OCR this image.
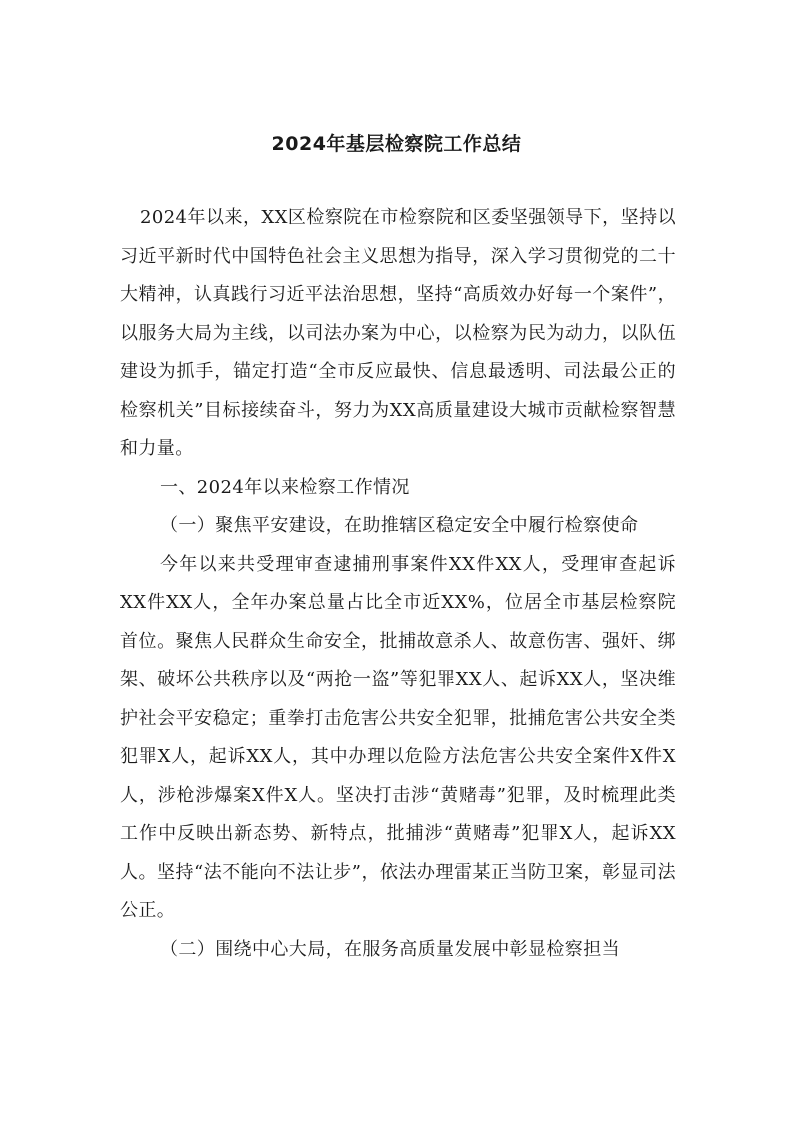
2024年基层检察院工作总结

2024年以来，XX区检察院在市检察院和区委坚强领导下，坚持以习近平新时代中国特色社会主义思想为指导，深入学习贯彻党的二十大精神，认真践行习近平法治思想，坚持“高质效办好每一个案件”，以服务大局为主线，以司法办案为中心，以检察为民为动力，以队伍建设为抓手，锚定打造“全市反应最快、信息最透明、司法最公正的检察机关”目标接续奋斗，努力为XX高质量建设大城市贡献检察智慧和力量。

一、2024年以来检察工作情况

（一）聚焦平安建设，在助推辖区稳定安全中履行检察使命

今年以来共受理审查逮捕刑事案件XX件XX人，受理审查起诉XX件XX人，全年办案总量占比全市近XX%，位居全市基层检察院首位。聚焦人民群众生命安全，批捕故意杀人、故意伤害、强奸、绑架、破坏公共秩序以及“两抢一盗”等犯罪XX人、起诉XX人，坚决维护社会平安稳定；重拳打击危害公共安全犯罪，批捕危害公共安全类犯罪X人，起诉XX人，其中办理以危险方法危害公共安全案件X件X人，涉枪涉爆案X件X人。坚决打击涉“黄赌毒”犯罪，及时梳理此类工作中反映出新态势、新特点，批捕涉“黄赌毒”犯罪X人，起诉XX人。坚持“法不能向不法让步”，依法办理雷某正当防卫案，彰显司法公正。

（二）围绕中心大局，在服务高质量发展中彰显检察担当
